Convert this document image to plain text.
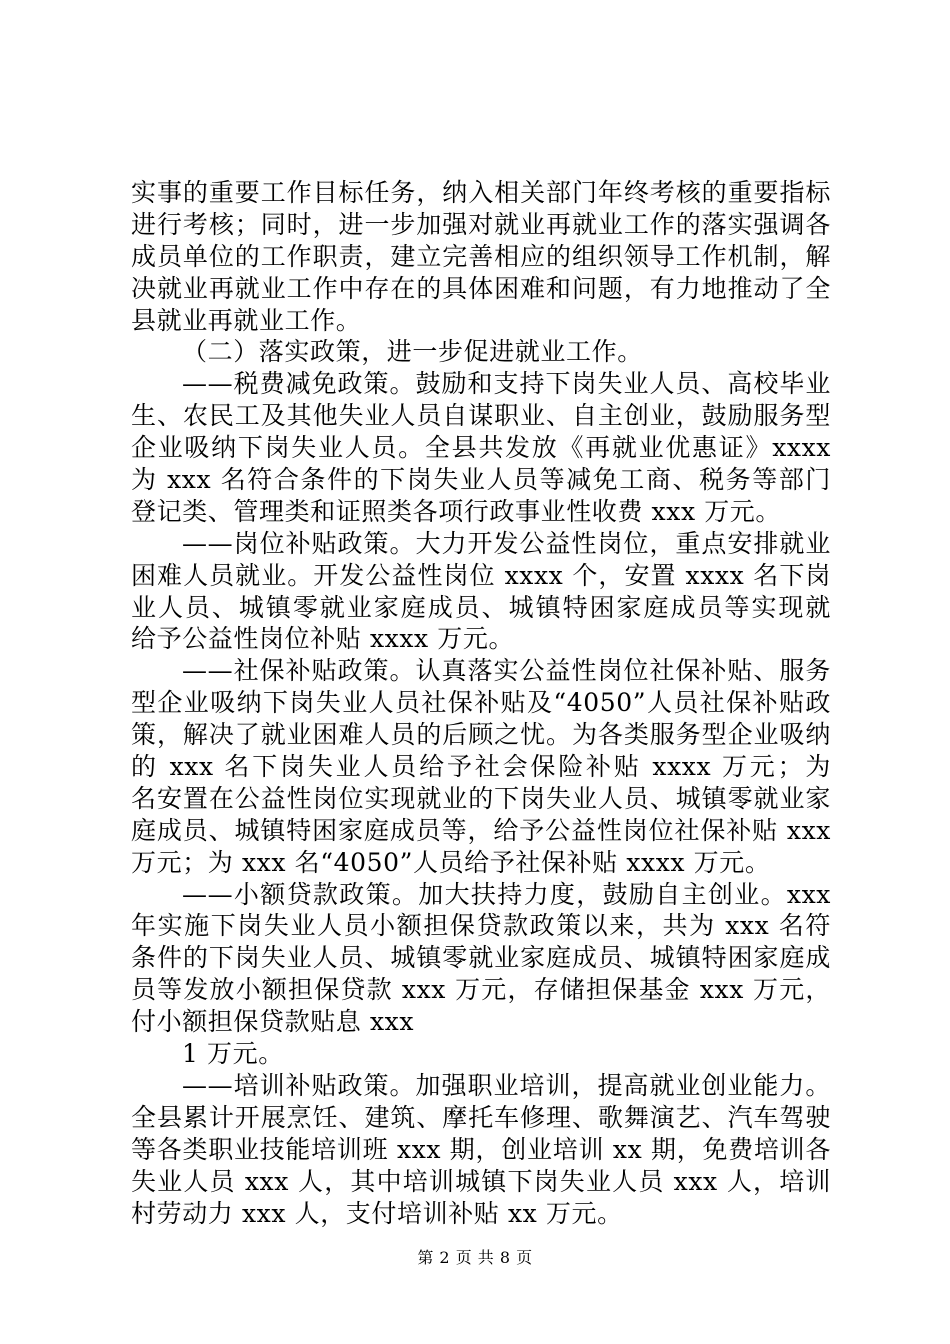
实事的重要工作目标任务，纳入相关部门年终考核的重要指标
进行考核；同时，进一步加强对就业再就业工作的落实强调各
成员单位的工作职责，建立完善相应的组织领导工作机制，解
决就业再就业工作中存在的具体困难和问题，有力地推动了全
县就业再就业工作。
（二）落实政策，进一步促进就业工作。
——税费减免政策。鼓励和支持下岗失业人员、高校毕业
生、农民工及其他失业人员自谋职业、自主创业，鼓励服务型
企业吸纳下岗失业人员。全县共发放《再就业优惠证》xxxx
为 xxx 名符合条件的下岗失业人员等减免工商、税务等部门
登记类、管理类和证照类各项行政事业性收费 xxx 万元。
——岗位补贴政策。大力开发公益性岗位，重点安排就业
困难人员就业。开发公益性岗位 xxxx 个，安置 xxxx 名下岗
业人员、城镇零就业家庭成员、城镇特困家庭成员等实现就
给予公益性岗位补贴 xxxx 万元。
——社保补贴政策。认真落实公益性岗位社保补贴、服务
型企业吸纳下岗失业人员社保补贴及“4050”人员社保补贴政
策，解决了就业困难人员的后顾之忧。为各类服务型企业吸纳
的 xxx 名下岗失业人员给予社会保险补贴 xxxx 万元；为
名安置在公益性岗位实现就业的下岗失业人员、城镇零就业家
庭成员、城镇特困家庭成员等，给予公益性岗位社保补贴 xxx
万元；为 xxx 名“4050”人员给予社保补贴 xxxx 万元。
——小额贷款政策。加大扶持力度，鼓励自主创业。xxx
年实施下岗失业人员小额担保贷款政策以来，共为 xxx 名符
条件的下岗失业人员、城镇零就业家庭成员、城镇特困家庭成
员等发放小额担保贷款 xxx 万元，存储担保基金 xxx 万元，
付小额担保贷款贴息 xxx
1 万元。
——培训补贴政策。加强职业培训，提高就业创业能力。
全县累计开展烹饪、建筑、摩托车修理、歌舞演艺、汽车驾驶
等各类职业技能培训班 xxx 期，创业培训 xx 期，免费培训各
失业人员 xxx 人，其中培训城镇下岗失业人员 xxx 人，培训
村劳动力 xxx 人，支付培训补贴 xx 万元。
第 2 页 共 8 页
